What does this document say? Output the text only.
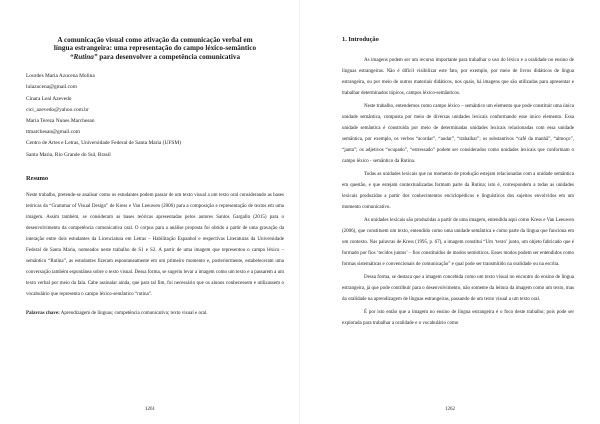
A comunicação visual como ativação da comunicação verbal em
língua estrangeira: uma representação do campo léxico-semântico
“Rutina” para desenvolver a competência comunicativa
Lourdes Maria Azucena Molina
lulazucena@gmail.com
Cinara Leal Azevedo
cici_azevedo@yahoo.com.br
Maria Tereza Nunes Marchesan
ttmarchesan@gmail.com
Centro de Artes e Letras, Universidade Federal de Santa Maria (UFSM)
Santa Maria, Rio Grande do Sul, Brasil
Resumo

Neste trabalho, pretende-se analisar como os estudantes podem passar de um texto visual a um texto oral considerando as bases teóricas da “Grammar of Visual Design” de Kress e Van Leeuwen (2006) para a composição e representação de textos em uma imagem. Assim também, se consideram as bases teóricas apresentadas pelos autores Santos Gargallo (2015) para o desenvolvimento da competência comunicativa oral. O corpus para a análise proposta foi obtido a partir de uma gravação da interação entre dois estudantes da Licenciatura em Letras – Habilitação Espanhol e respectivas Literaturas da Universidade Federal de Santa Maria, nomeados neste trabalho de S1 e S2. A partir de uma imagem que representou o campo léxico – semântico “Rutina”, as estudantes fizeram espontaneamente em um primeiro momento e, posteriormente, estabeleceram uma conversação também espontânea sobre o texto visual. Dessa forma, se sugeriu levar a imagem como um texto e a passarem a um texto verbal por meio da fala. Cabe assinalar ainda, que para tal fim, foi necessário que os alunos conhecessem e utilizassem o vocabulário que representa o campo léxico-semântico “rutina”.

Palavras chave: Aprendizagem de línguas; competência comunicativa; texto visual e oral.
1261
1. Introdução

As imagens podem ser um recurso importante para trabalhar o uso do léxico e a oralidade no ensino de línguas estrangeiras. Não é difícil visibilizar este fato, por exemplo, por meio de livros didáticos de língua estrangeira, ou por meio de outros materiais didáticos, nos quais, há imagens que são utilizadas para apresentar e trabalhar determinados tópicos, campos léxico-semânticos.

Neste trabalho, entendemos como campo léxico – semântico um elemento que pode constituir uma única unidade semântica, composta por meio de diversas unidades lexicais conformando esse único elemento. Essa unidade semântica é construída por meio de determinadas unidades lexicais relacionadas com essa unidade semântica, por exemplo, os verbos “acordar”, “andar”, “trabalhar”; os substantivos “café da manhã”, “almoço”, “janta”; os adjetivos “ocupado”, “estressado” podem ser considerados como unidades lexicais que conformam o campo léxico - semântico da Rutina.

Todas as unidades lexicais que no momento de produção estejam relacionadas com a unidade semântica em questão, e que estejam contextualizadas formam parte da Rutina; isto é, correspondem a todas as unidades lexicais produzidas a partir dos conhecimentos enciclopédicos e linguísticos dos sujeitos envolvidos em um momento comunicativo.

As unidades lexicais são produzidas a partir de uma imagem, entendida aqui como Kress e Van Leeuwen (2006), que constituem um texto, entendido como uma unidade semântica e como parte da língua que funciona em um contexto. Nas palavras de Kress (1995, p. 67), a imagem constitui “Um ‘texto’ junto, um objeto fabricado que é formado por fios ‘tecidos juntos’ – fios constituídos de modos semióticos. Esses modos podem ser entendidos como formas sistemáticas e convencionais de comunicação” e qual pode ser transmitido na oralidade ou na escrita.

Dessa forma, se destaca que a imagem concebida como um texto visual no encontro do ensino de língua estrangeira, já que pode contribuir para o desenvolvimento, não somente da leitura da imagem como um texto, mas da oralidade na aprendizagem de línguas estrangeiras, passando de um texto visual a um texto oral.

É por isto então que a imagem no ensino de língua estrangeira é o foco deste trabalho; pois pode ser explorada para trabalhar a oralidade e o vocabulário como

1262
